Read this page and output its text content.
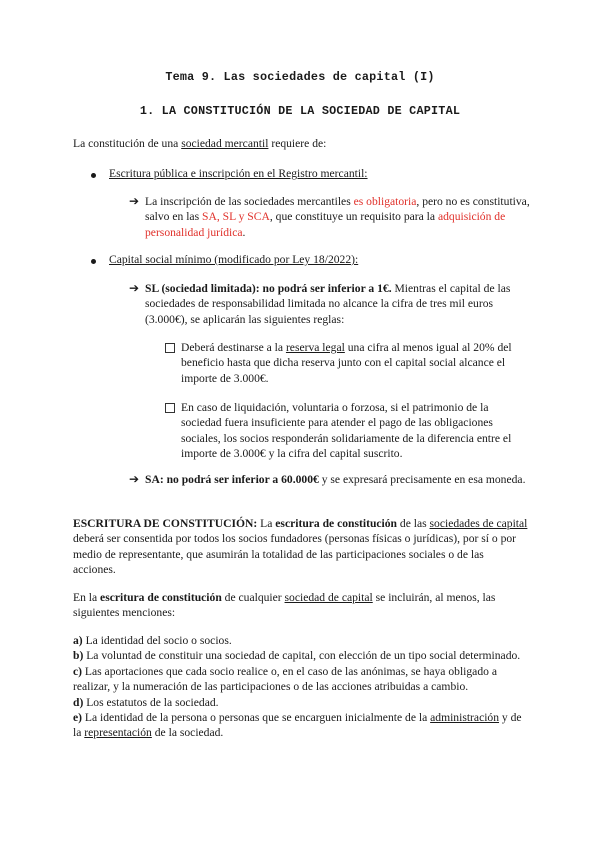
Tema 9. Las sociedades de capital (I)
1. LA CONSTITUCIÓN DE LA SOCIEDAD DE CAPITAL

La constitución de una sociedad mercantil requiere de:

Escritura pública e inscripción en el Registro mercantil:

➔ La inscripción de las sociedades mercantiles es obligatoria, pero no es constitutiva, salvo en las SA, SL y SCA, que constituye un requisito para la adquisición de personalidad jurídica.

Capital social mínimo (modificado por Ley 18/2022):

➔ SL (sociedad limitada): no podrá ser inferior a 1€. Mientras el capital de las sociedades de responsabilidad limitada no alcance la cifra de tres mil euros (3.000€), se aplicarán las siguientes reglas:

Deberá destinarse a la reserva legal una cifra al menos igual al 20% del beneficio hasta que dicha reserva junto con el capital social alcance el importe de 3.000€.

En caso de liquidación, voluntaria o forzosa, si el patrimonio de la sociedad fuera insuficiente para atender el pago de las obligaciones sociales, los socios responderán solidariamente de la diferencia entre el importe de 3.000€ y la cifra del capital suscrito.

➔ SA: no podrá ser inferior a 60.000€ y se expresará precisamente en esa moneda.

ESCRITURA DE CONSTITUCIÓN: La escritura de constitución de las sociedades de capital deberá ser consentida por todos los socios fundadores (personas físicas o jurídicas), por sí o por medio de representante, que asumirán la totalidad de las participaciones sociales o de las acciones.

En la escritura de constitución de cualquier sociedad de capital se incluirán, al menos, las siguientes menciones:

a) La identidad del socio o socios.
b) La voluntad de constituir una sociedad de capital, con elección de un tipo social determinado.
c) Las aportaciones que cada socio realice o, en el caso de las anónimas, se haya obligado a realizar, y la numeración de las participaciones o de las acciones atribuidas a cambio.
d) Los estatutos de la sociedad.
e) La identidad de la persona o personas que se encarguen inicialmente de la administración y de la representación de la sociedad.
